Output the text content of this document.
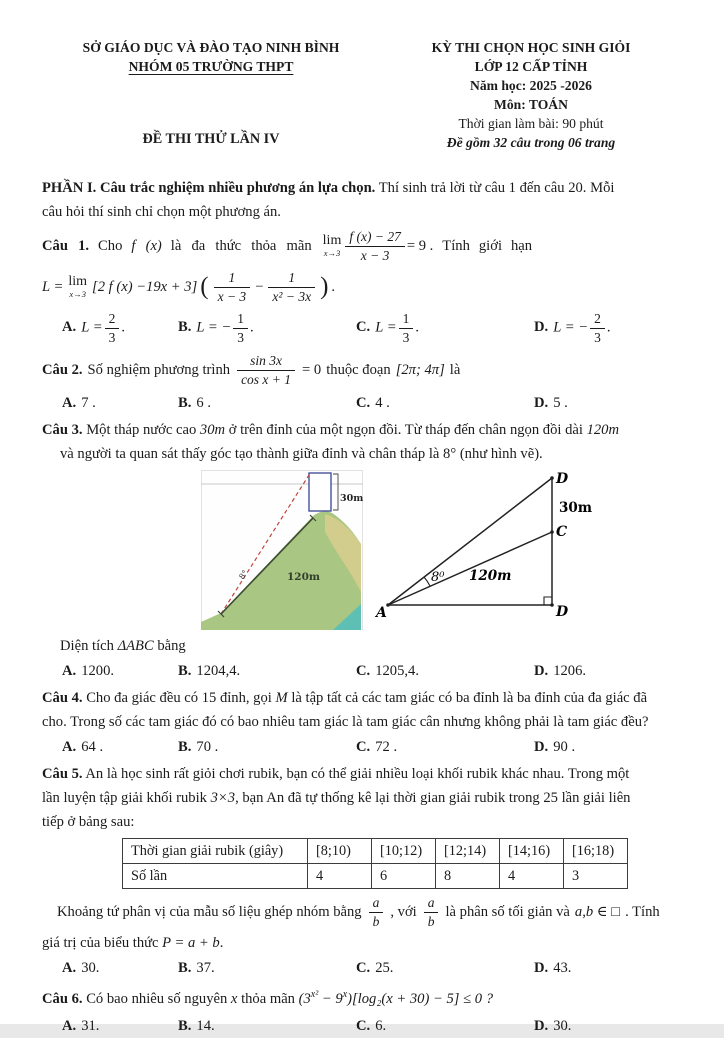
SỞ GIÁO DỤC VÀ ĐÀO TẠO NINH BÌNH
NHÓM 05 TRƯỜNG THPT
ĐỀ THI THỬ LẦN IV
KỲ THI CHỌN HỌC SINH GIỎI
LỚP 12 CẤP TỈNH
Năm học: 2025 -2026
Môn: TOÁN
Thời gian làm bài: 90 phút
Đề gồm 32 câu trong 06 trang
PHẦN I. Câu trắc nghiệm nhiều phương án lựa chọn. Thí sinh trả lời từ câu 1 đến câu 20. Mỗi
câu hỏi thí sinh chỉ chọn một phương án.
Câu 1. Cho f (x) là đa thức thỏa mãn lim
$x\to 3 \frac{f (x) - 27}{x - 3} = 9$ . Tính giới hạn
L = lim
x→3 [2 f (x) −19x + 3] ( $\frac{1}{x - 3} - \frac{1}{\text{x² − 3x}}$ ) .
A. $L = \frac{2}{3}$ .	B. L = − $\frac{1}{3}$ .	C. $L = \frac{1}{3}$ .	D. L = − $\frac{2}{3}$ .
Câu 2. Số nghiệm phương trình $\frac{\sin 3x}{\text{cos x + 1}} = 0$ thuộc đoạn [2π; 4π] là
A. 7 .	B. 6 .	C. 4 .	D. 5 .
Câu 3. Một tháp nước cao 30m ở trên đỉnh của một ngọn đồi. Từ tháp đến chân ngọn đồi dài 120m
và người ta quan sát thấy góc tạo thành giữa đỉnh và chân tháp là 8° (như hình vẽ).
8°	120m
30m
D
30m
C
D
A
8⁰ 120m
Diện tích ΔABC bằng
A. 1200.	B. 1204,4.	C. 1205,4.	D. 1206.
Câu 4. Cho đa giác đều có 15 đỉnh, gọi M là tập tất cả các tam giác có ba đỉnh là ba đỉnh của đa giác đã
cho. Trong số các tam giác đó có bao nhiêu tam giác là tam giác cân nhưng không phải là tam giác đều?
A. 64 .	B. 70 .	C. 72 .	D. 90 .
Câu 5. An là học sinh rất giỏi chơi rubik, bạn có thể giải nhiều loại khối rubik khác nhau. Trong một
lần luyện tập giải khối rubik 3×3, bạn An đã tự thống kê lại thời gian giải rubik trong 25 lần giải liên
tiếp ở bảng sau:
Thời gian giải rubik (giây)	[8;10)	[10;12)	[12;14)	[14;16)	[16;18)
Số lần	4	6	8	4	3
Khoảng tứ phân vị của mẫu số liệu ghép nhóm bằng $\frac{a}{b}$ , với $\frac{a}{b}$ là phân số tối giản và a,b ∈ □ . Tính
giá trị của biểu thức P = a + b.
A. 30.	B. 37.	C. 25.	D. 43.
Câu 6. Có bao nhiêu số nguyên x thỏa mãn $(3^{x^2} - 9^x)[\log_2(x + 30) - 5] \le 0$ ?
A. 31.	B. 14.	C. 6.	D. 30.
